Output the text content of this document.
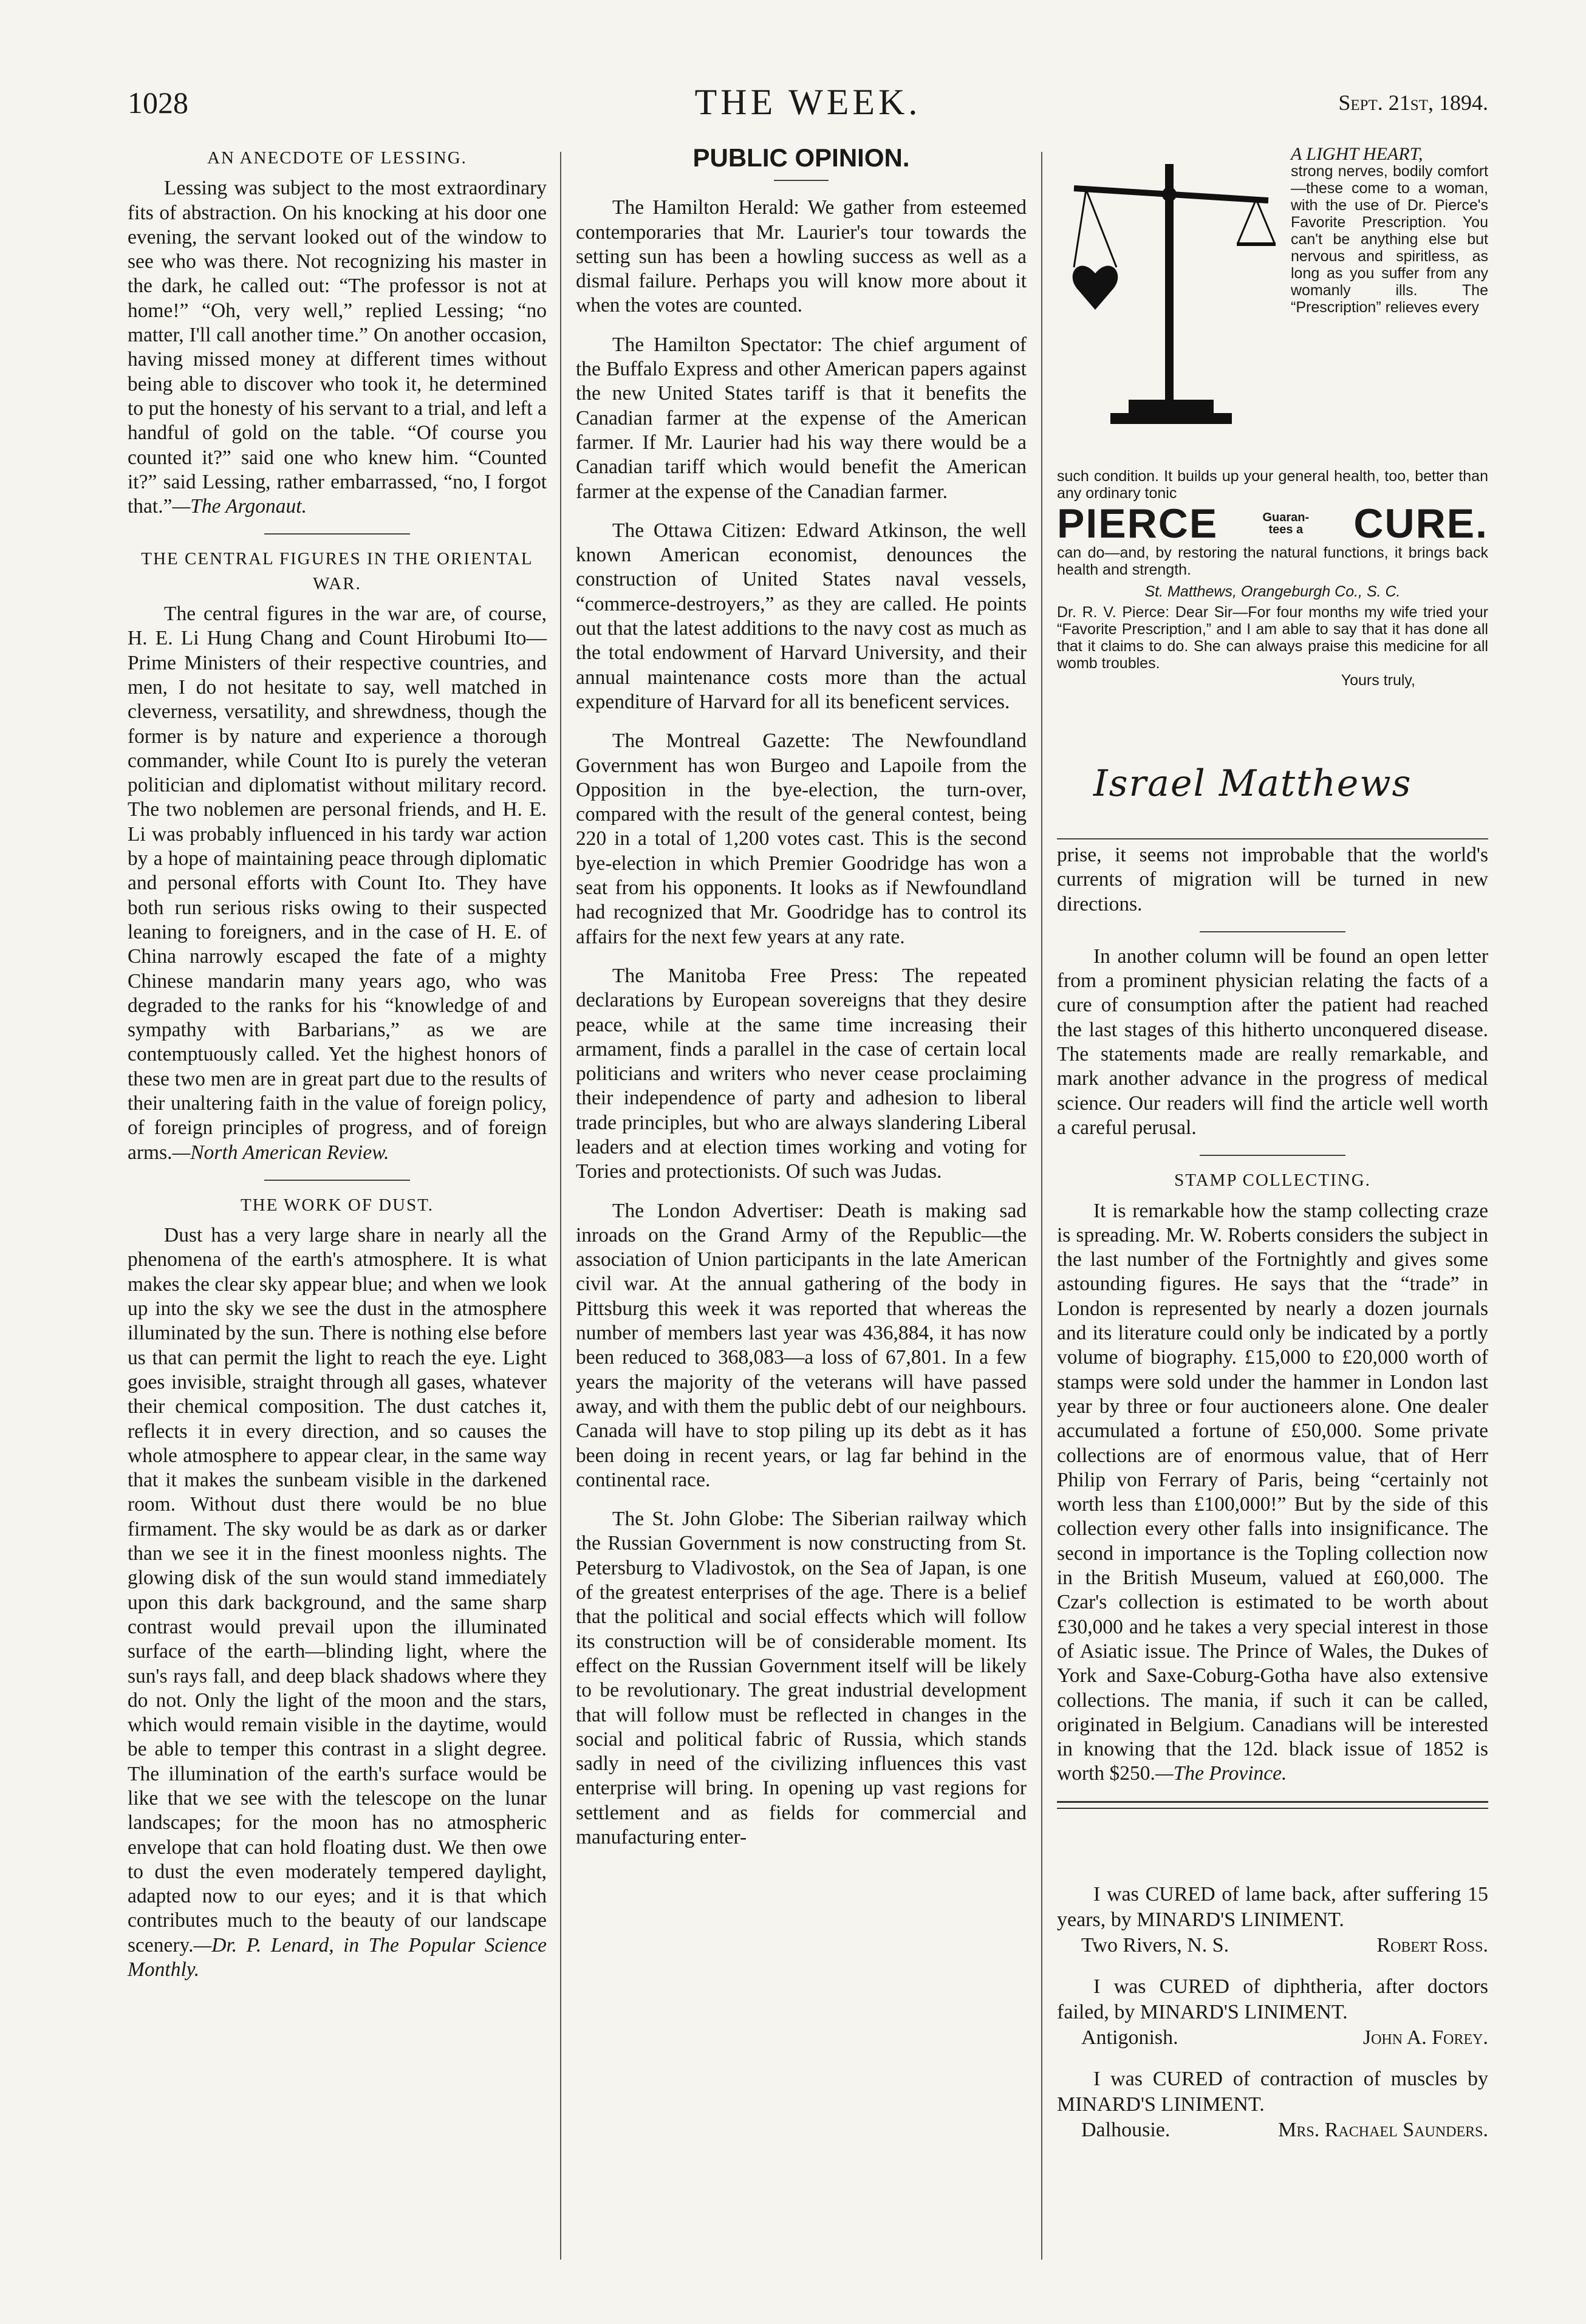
1028	THE WEEK.	Sept. 21st, 1894.
AN ANECDOTE OF LESSING.

Lessing was subject to the most extraordinary fits of abstraction. On his knocking at his door one evening, the servant looked out of the window to see who was there. Not recognizing his master in the dark, he called out: “The professor is not at home!” “Oh, very well,” replied Lessing; “no matter, I'll call another time.” On another occasion, having missed money at different times without being able to discover who took it, he determined to put the honesty of his servant to a trial, and left a handful of gold on the table. “Of course you counted it?” said one who knew him. “Counted it?” said Lessing, rather embarrassed, “no, I forgot that.”—The Argonaut.

THE CENTRAL FIGURES IN THE ORIENTAL WAR.

The central figures in the war are, of course, H. E. Li Hung Chang and Count Hirobumi Ito—Prime Ministers of their respective countries, and men, I do not hesitate to say, well matched in cleverness, versatility, and shrewdness, though the former is by nature and experience a thorough commander, while Count Ito is purely the veteran politician and diplomatist without military record. The two noblemen are personal friends, and H. E. Li was probably influenced in his tardy war action by a hope of maintaining peace through diplomatic and personal efforts with Count Ito. They have both run serious risks owing to their suspected leaning to foreigners, and in the case of H. E. of China narrowly escaped the fate of a mighty Chinese mandarin many years ago, who was degraded to the ranks for his “knowledge of and sympathy with Barbarians,” as we are contemptuously called. Yet the highest honors of these two men are in great part due to the results of their unaltering faith in the value of foreign policy, of foreign principles of progress, and of foreign arms.—North American Review.

THE WORK OF DUST.

Dust has a very large share in nearly all the phenomena of the earth's atmosphere. It is what makes the clear sky appear blue; and when we look up into the sky we see the dust in the atmosphere illuminated by the sun. There is nothing else before us that can permit the light to reach the eye. Light goes invisible, straight through all gases, whatever their chemical composition. The dust catches it, reflects it in every direction, and so causes the whole atmosphere to appear clear, in the same way that it makes the sunbeam visible in the darkened room. Without dust there would be no blue firmament. The sky would be as dark as or darker than we see it in the finest moonless nights. The glowing disk of the sun would stand immediately upon this dark background, and the same sharp contrast would prevail upon the illuminated surface of the earth—blinding light, where the sun's rays fall, and deep black shadows where they do not. Only the light of the moon and the stars, which would remain visible in the daytime, would be able to temper this contrast in a slight degree. The illumination of the earth's surface would be like that we see with the telescope on the lunar landscapes; for the moon has no atmospheric envelope that can hold floating dust. We then owe to dust the even moderately tempered daylight, adapted now to our eyes; and it is that which contributes much to the beauty of our landscape scenery.—Dr. P. Lenard, in The Popular Science Monthly.

PUBLIC OPINION.

The Hamilton Herald: We gather from esteemed contemporaries that Mr. Laurier's tour towards the setting sun has been a howling success as well as a dismal failure. Perhaps you will know more about it when the votes are counted.

The Hamilton Spectator: The chief argument of the Buffalo Express and other American papers against the new United States tariff is that it benefits the Canadian farmer at the expense of the American farmer. If Mr. Laurier had his way there would be a Canadian tariff which would benefit the American farmer at the expense of the Canadian farmer.

The Ottawa Citizen: Edward Atkinson, the well known American economist, denounces the construction of United States naval vessels, “commerce-destroyers,” as they are called. He points out that the latest additions to the navy cost as much as the total endowment of Harvard University, and their annual maintenance costs more than the actual expenditure of Harvard for all its beneficent services.

The Montreal Gazette: The Newfoundland Government has won Burgeo and Lapoile from the Opposition in the bye-election, the turn-over, compared with the result of the general contest, being 220 in a total of 1,200 votes cast. This is the second bye-election in which Premier Goodridge has won a seat from his opponents. It looks as if Newfoundland had recognized that Mr. Goodridge has to control its affairs for the next few years at any rate.

The Manitoba Free Press: The repeated declarations by European sovereigns that they desire peace, while at the same time increasing their armament, finds a parallel in the case of certain local politicians and writers who never cease proclaiming their independence of party and adhesion to liberal trade principles, but who are always slandering Liberal leaders and at election times working and voting for Tories and protectionists. Of such was Judas.

The London Advertiser: Death is making sad inroads on the Grand Army of the Republic—the association of Union participants in the late American civil war. At the annual gathering of the body in Pittsburg this week it was reported that whereas the number of members last year was 436,884, it has now been reduced to 368,083—a loss of 67,801. In a few years the majority of the veterans will have passed away, and with them the public debt of our neighbours. Canada will have to stop piling up its debt as it has been doing in recent years, or lag far behind in the continental race.

The St. John Globe: The Siberian railway which the Russian Government is now constructing from St. Petersburg to Vladivostok, on the Sea of Japan, is one of the greatest enterprises of the age. There is a belief that the political and social effects which will follow its construction will be of considerable moment. Its effect on the Russian Government itself will be likely to be revolutionary. The great industrial development that will follow must be reflected in changes in the social and political fabric of Russia, which stands sadly in need of the civilizing influences this vast enterprise will bring. In opening up vast regions for settlement and as fields for commercial and manufacturing enter-

A LIGHT HEART,
strong nerves, bodily comfort—these come to a woman, with the use of Dr. Pierce's Favorite Prescription. You can't be anything else but nervous and spiritless, as long as you suffer from any womanly ills. The “Prescription” relieves every
such condition. It builds up your general health, too, better than any ordinary tonic
PIERCE	Guaran-tees a CURE.
can do—and, by restoring the natural functions, it brings back health and strength.
St. Matthews, Orangeburgh Co., S. C.
Dr. R. V. Pierce: Dear Sir—For four months my wife tried your “Favorite Prescription,” and I am able to say that it has done all that it claims to do. She can always praise this medicine for all womb troubles.
Yours truly,
Israel Matthews

prise, it seems not improbable that the world's currents of migration will be turned in new directions.

In another column will be found an open letter from a prominent physician relating the facts of a cure of consumption after the patient had reached the last stages of this hitherto unconquered disease. The statements made are really remarkable, and mark another advance in the progress of medical science. Our readers will find the article well worth a careful perusal.

STAMP COLLECTING.

It is remarkable how the stamp collecting craze is spreading. Mr. W. Roberts considers the subject in the last number of the Fortnightly and gives some astounding figures. He says that the “trade” in London is represented by nearly a dozen journals and its literature could only be indicated by a portly volume of biography. £15,000 to £20,000 worth of stamps were sold under the hammer in London last year by three or four auctioneers alone. One dealer accumulated a fortune of £50,000. Some private collections are of enormous value, that of Herr Philip von Ferrary of Paris, being “certainly not worth less than £100,000!” But by the side of this collection every other falls into insignificance. The second in importance is the Topling collection now in the British Museum, valued at £60,000. The Czar's collection is estimated to be worth about £30,000 and he takes a very special interest in those of Asiatic issue. The Prince of Wales, the Dukes of York and Saxe-Coburg-Gotha have also extensive collections. The mania, if such it can be called, originated in Belgium. Canadians will be interested in knowing that the 12d. black issue of 1852 is worth $250.—The Province.

I was CURED of lame back, after suffering 15 years, by MINARD'S LINIMENT.
Two Rivers, N. S.	Robert Ross.
I was CURED of diphtheria, after doctors failed, by MINARD'S LINIMENT.
Antigonish.	John A. Forey.
I was CURED of contraction of muscles by MINARD'S LINIMENT.
Dalhousie.	Mrs. Rachael Saunders.
